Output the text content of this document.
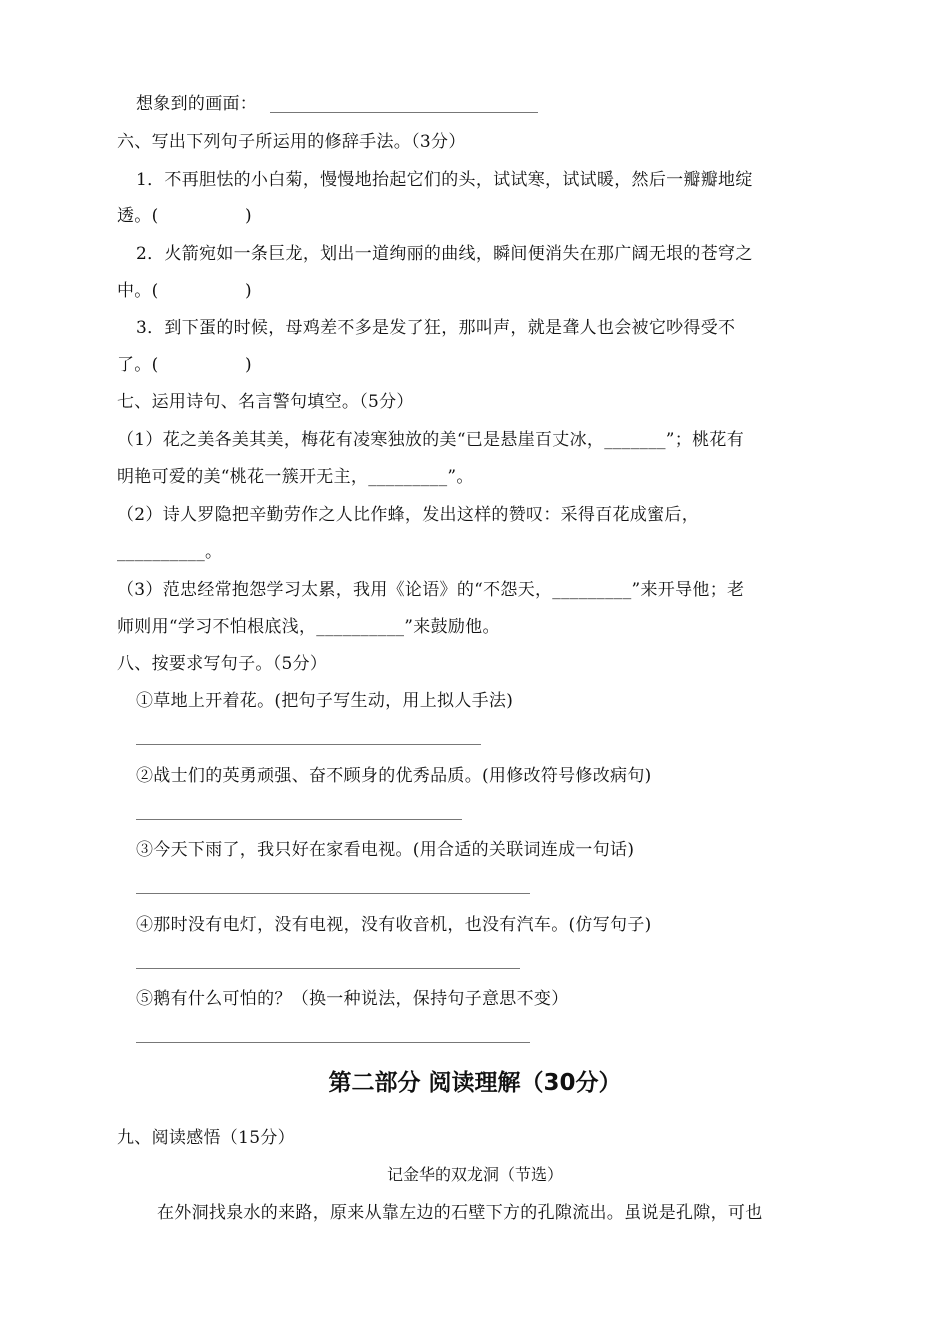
想象到的画面：
六、写出下列句子所运用的修辞手法。（3分）
1．不再胆怯的小白菊，慢慢地抬起它们的头，试试寒，试试暖，然后一瓣瓣地绽
透。(　　　　　)
2．火箭宛如一条巨龙，划出一道绚丽的曲线，瞬间便消失在那广阔无垠的苍穹之
中。(　　　　　)
3．到下蛋的时候，母鸡差不多是发了狂，那叫声，就是聋人也会被它吵得受不
了。(　　　　　)
七、运用诗句、名言警句填空。（5分）
（1）花之美各美其美，梅花有凌寒独放的美“已是悬崖百丈冰，_______”；桃花有
明艳可爱的美“桃花一簇开无主，_________”。
（2）诗人罗隐把辛勤劳作之人比作蜂，发出这样的赞叹：采得百花成蜜后，
__________。
（3）范忠经常抱怨学习太累，我用《论语》的“不怨天，_________”来开导他；老
师则用“学习不怕根底浅，__________”来鼓励他。
八、按要求写句子。（5分）
①草地上开着花。(把句子写生动，用上拟人手法)
②战士们的英勇顽强、奋不顾身的优秀品质。(用修改符号修改病句)
③今天下雨了，我只好在家看电视。(用合适的关联词连成一句话)
④那时没有电灯，没有电视，没有收音机，也没有汽车。(仿写句子)
⑤鹅有什么可怕的？（换一种说法，保持句子意思不变）
第二部分 阅读理解（30分）
九、阅读感悟（15分）
记金华的双龙洞（节选）
在外洞找泉水的来路，原来从靠左边的石壁下方的孔隙流出。虽说是孔隙，可也
